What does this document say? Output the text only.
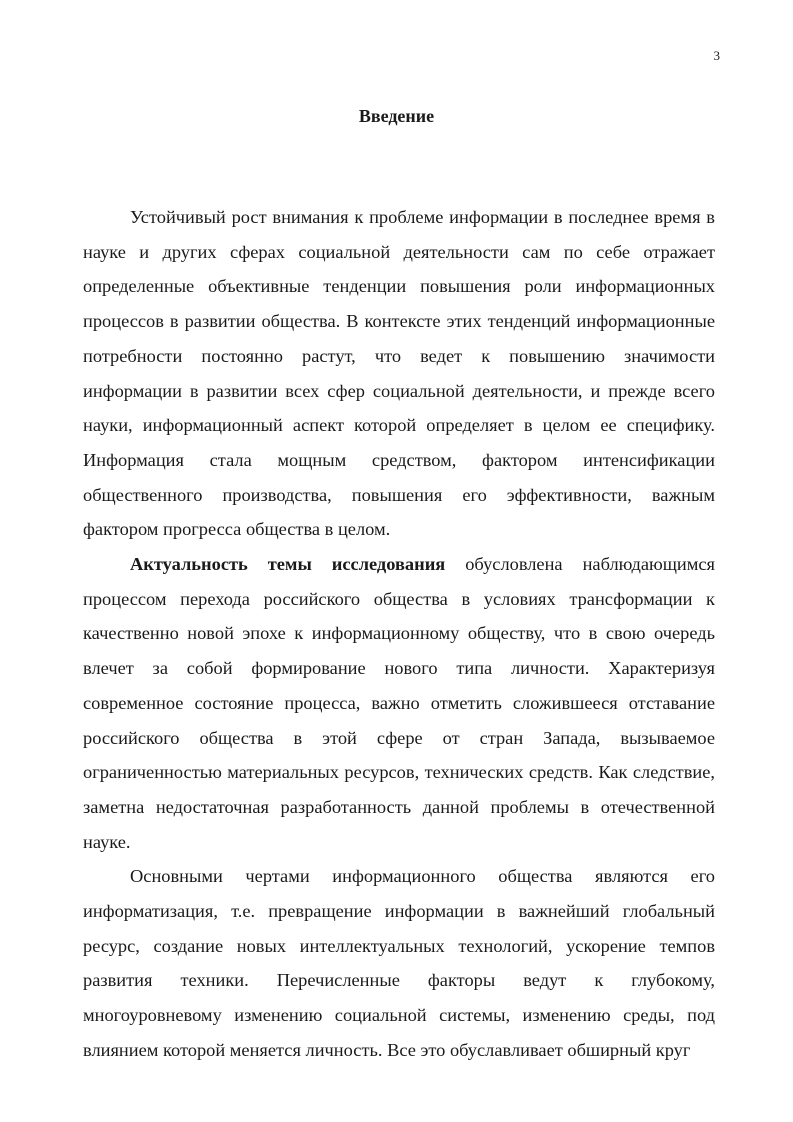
3
Введение

Устойчивый рост внимания к проблеме информации в последнее время в науке и других сферах социальной деятельности сам по себе отражает определенные объективные тенденции повышения роли информационных процессов в развитии общества. В контексте этих тенденций информационные потребности постоянно растут, что ведет к повышению значимости информации в развитии всех сфер социальной деятельности, и прежде всего науки, информационный аспект которой определяет в целом ее специфику. Информация стала мощным средством, фактором интенсификации общественного производства, повышения его эффективности, важным фактором прогресса общества в целом.

Актуальность темы исследования обусловлена наблюдающимся процессом перехода российского общества в условиях трансформации к качественно новой эпохе к информационному обществу, что в свою очередь влечет за собой формирование нового типа личности. Характеризуя современное состояние процесса, важно отметить сложившееся отставание российского общества в этой сфере от стран Запада, вызываемое ограниченностью материальных ресурсов, технических средств. Как следствие, заметна недостаточная разработанность данной проблемы в отечественной науке.

Основными чертами информационного общества являются его информатизация, т.е. превращение информации в важнейший глобальный ресурс, создание новых интеллектуальных технологий, ускорение темпов развития техники. Перечисленные факторы ведут к глубокому, многоуровневому изменению социальной системы, изменению среды, под влиянием которой меняется личность. Все это обуславливает обширный круг
